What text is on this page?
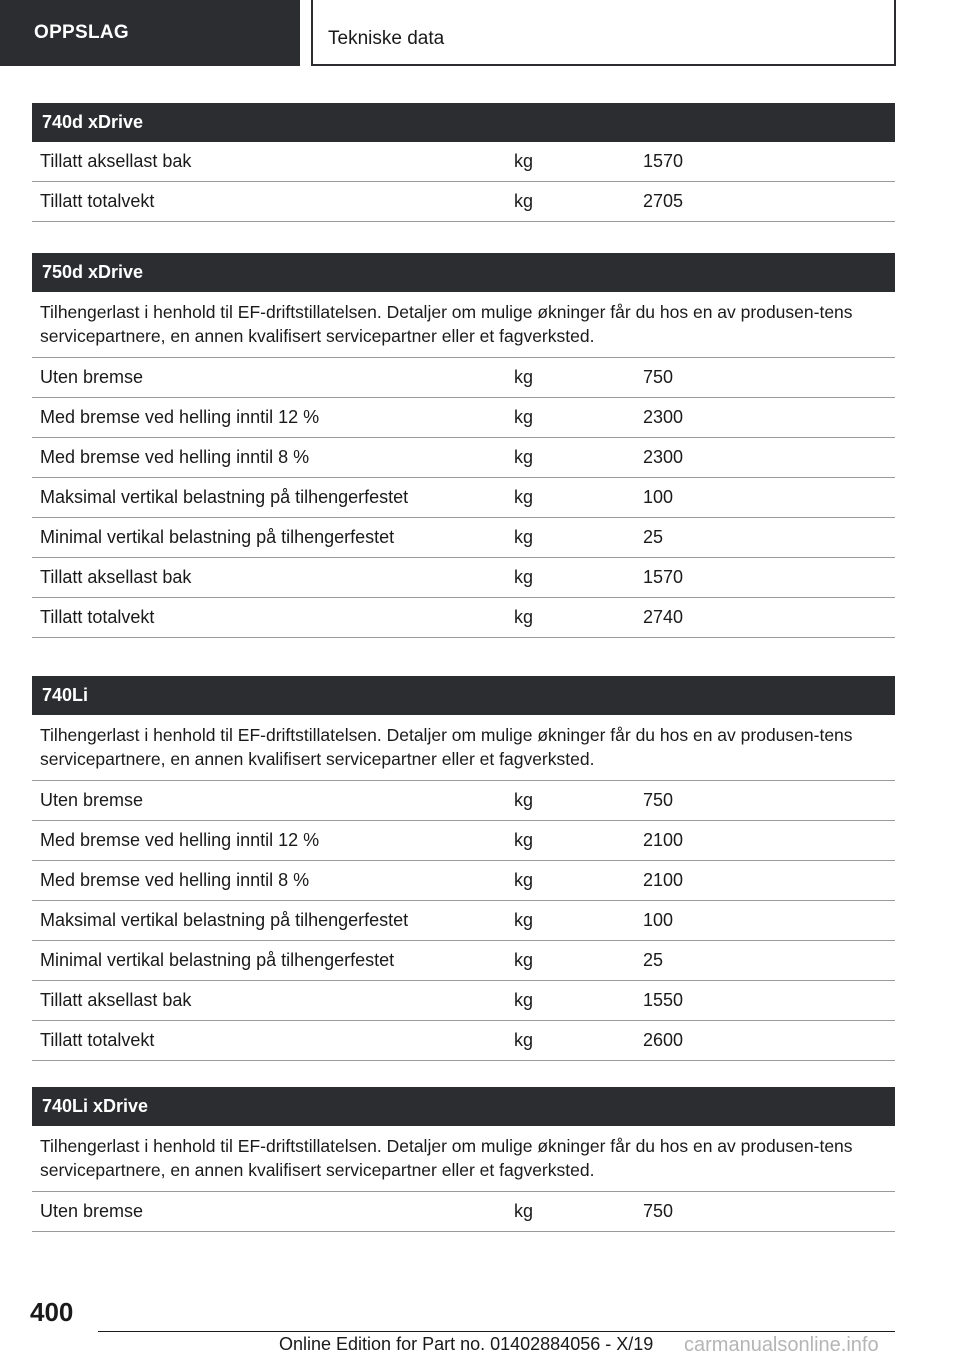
OPPSLAG	Tekniske data
740d xDrive
Tillatt aksellast bak	kg	1570
Tillatt totalvekt	kg	2705
750d xDrive
Tilhengerlast i henhold til EF-driftstillatelsen. Detaljer om mulige økninger får du hos en av produsen-tens servicepartnere, en annen kvalifisert servicepartner eller et fagverksted.
Uten bremse	kg	750
Med bremse ved helling inntil 12 %	kg	2300
Med bremse ved helling inntil 8 %	kg	2300
Maksimal vertikal belastning på tilhengerfestet	kg	100
Minimal vertikal belastning på tilhengerfestet	kg	25
Tillatt aksellast bak	kg	1570
Tillatt totalvekt	kg	2740
740Li
Tilhengerlast i henhold til EF-driftstillatelsen. Detaljer om mulige økninger får du hos en av produsen-tens servicepartnere, en annen kvalifisert servicepartner eller et fagverksted.
Uten bremse	kg	750
Med bremse ved helling inntil 12 %	kg	2100
Med bremse ved helling inntil 8 %	kg	2100
Maksimal vertikal belastning på tilhengerfestet	kg	100
Minimal vertikal belastning på tilhengerfestet	kg	25
Tillatt aksellast bak	kg	1550
Tillatt totalvekt	kg	2600
740Li xDrive
Tilhengerlast i henhold til EF-driftstillatelsen. Detaljer om mulige økninger får du hos en av produsen-tens servicepartnere, en annen kvalifisert servicepartner eller et fagverksted.
Uten bremse	kg	750
400
Online Edition for Part no. 01402884056 - X/19 carmanualsonline.info
